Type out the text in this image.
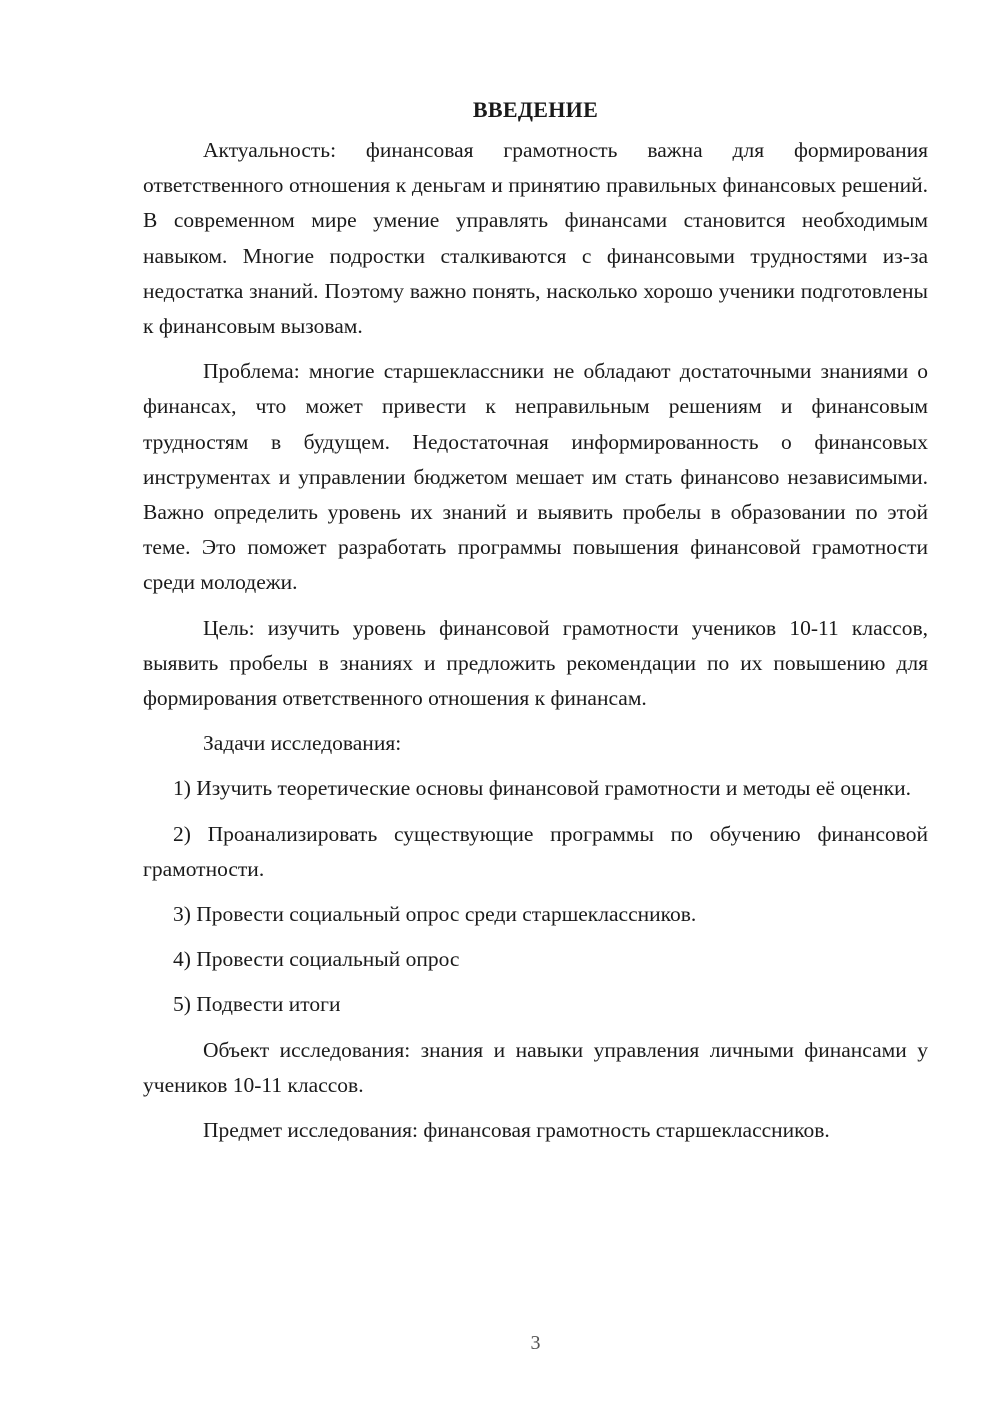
ВВЕДЕНИЕ

Актуальность: финансовая грамотность важна для формирования ответственного отношения к деньгам и принятию правильных финансовых решений. В современном мире умение управлять финансами становится необходимым навыком. Многие подростки сталкиваются с финансовыми трудностями из-за недостатка знаний. Поэтому важно понять, насколько хорошо ученики подготовлены к финансовым вызовам.

Проблема: многие старшеклассники не обладают достаточными знаниями о финансах, что может привести к неправильным решениям и финансовым трудностям в будущем. Недостаточная информированность о финансовых инструментах и управлении бюджетом мешает им стать финансово независимыми. Важно определить уровень их знаний и выявить пробелы в образовании по этой теме. Это поможет разработать программы повышения финансовой грамотности среди молодежи.

Цель: изучить уровень финансовой грамотности учеников 10-11 классов, выявить пробелы в знаниях и предложить рекомендации по их повышению для формирования ответственного отношения к финансам.

Задачи исследования:

1) Изучить теоретические основы финансовой грамотности и методы её оценки.

2) Проанализировать существующие программы по обучению финансовой грамотности.

3) Провести социальный опрос среди старшеклассников.

4) Провести социальный опрос

5) Подвести итоги

Объект исследования: знания и навыки управления личными финансами у учеников 10-11 классов.

Предмет исследования: финансовая грамотность старшеклассников.

3
